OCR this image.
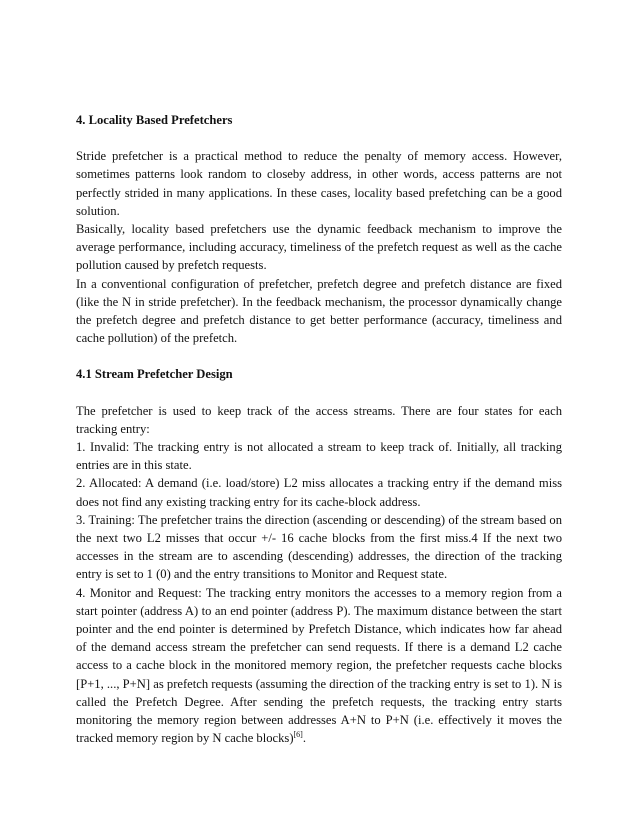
4. Locality Based Prefetchers

Stride prefetcher is a practical method to reduce the penalty of memory access. However, sometimes patterns look random to closeby address, in other words, access patterns are not perfectly strided in many applications. In these cases, locality based prefetching can be a good solution.

Basically, locality based prefetchers use the dynamic feedback mechanism to improve the average performance, including accuracy, timeliness of the prefetch request as well as the cache pollution caused by prefetch requests.

In a conventional configuration of prefetcher, prefetch degree and prefetch distance are fixed (like the N in stride prefetcher). In the feedback mechanism, the processor dynamically change the prefetch degree and prefetch distance to get better performance (accuracy, timeliness and cache pollution) of the prefetch.

4.1 Stream Prefetcher Design

The prefetcher is used to keep track of the access streams. There are four states for each tracking entry:

1. Invalid: The tracking entry is not allocated a stream to keep track of. Initially, all tracking entries are in this state.

2. Allocated: A demand (i.e. load/store) L2 miss allocates a tracking entry if the demand miss does not find any existing tracking entry for its cache-block address.

3. Training: The prefetcher trains the direction (ascending or descending) of the stream based on the next two L2 misses that occur +/- 16 cache blocks from the first miss.4 If the next two accesses in the stream are to ascending (descending) addresses, the direction of the tracking entry is set to 1 (0) and the entry transitions to Monitor and Request state.

4. Monitor and Request: The tracking entry monitors the accesses to a memory region from a start pointer (address A) to an end pointer (address P). The maximum distance between the start pointer and the end pointer is determined by Prefetch Distance, which indicates how far ahead of the demand access stream the prefetcher can send requests. If there is a demand L2 cache access to a cache block in the monitored memory region, the prefetcher requests cache blocks [P+1, ..., P+N] as prefetch requests (assuming the direction of the tracking entry is set to 1). N is called the Prefetch Degree. After sending the prefetch requests, the tracking entry starts monitoring the memory region between addresses A+N to P+N (i.e. effectively it moves the tracked memory region by N cache blocks)[6].
